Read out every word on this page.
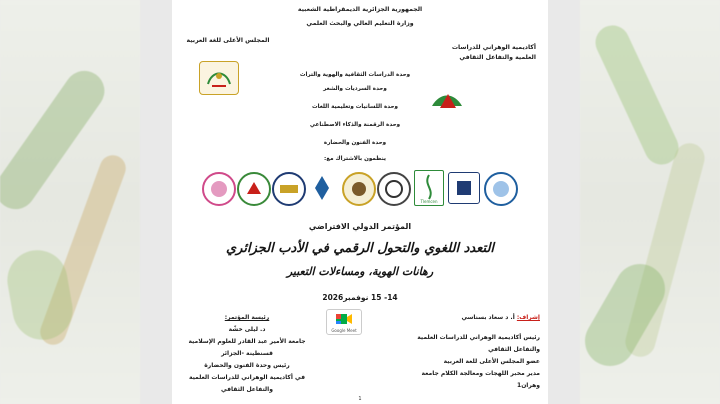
الجمهورية الجزائرية الديمقراطية الشعبية
وزارة التعليم العالي والبحث العلمي
المجلس الأعلى للغة العربية
أكاديمية الوهراني للدراسات العلمية والتفاعل الثقافي
وحدة الدراسات الثقافية والهوية والتراث
وحدة السرديات والشعر
وحدة اللسانيات وتعليمية اللغات
وحدة الرقمنة والذكاء الاصطناعي
وحدة الفنون والحضارة
ينظمون بالاشتراك مع:
Tlemcen
المؤتمر الدولي الافتراضي
التعدد اللغوي والتحول الرقمي في الأدب الجزائري
رهانات الهوية، ومساءلات التعبير
14- 15 نوفمبر2026
Google Meet
رئيسة المؤتمر:
د. ليلى خشّة
جامعة الأمير عبد القادر للعلوم الإسلامية
قسنطينة -الجزائر
رئيس وحدة الفنون والحضارة
في أكاديمية الوهراني للدراسات العلمية
والتفاعل الثقافي
إشراف: أ. د سعاد بسناسي
رئيس أكاديمية الوهراني للدراسات العلمية
والتفاعل الثقافي
عضو المجلس الأعلى للغة العربية
مدير مخبر اللهجات ومعالجة الكلام جامعة
وهران1
1
